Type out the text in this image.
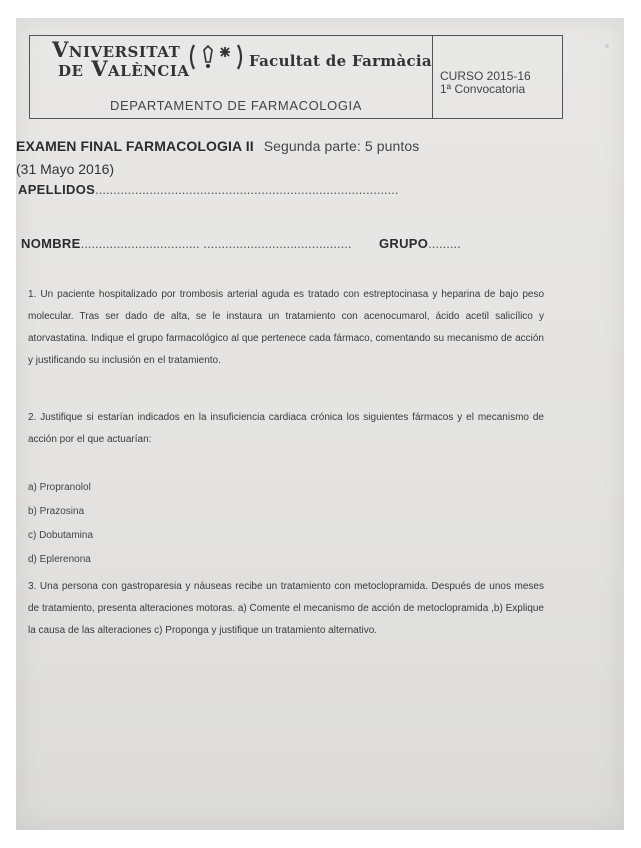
Vniversitat
de València	Facultat de Farmàcia
DEPARTAMENTO DE FARMACOLOGIA
CURSO 2015-16
1ª Convocatoria
EXAMEN FINAL FARMACOLOGIA II Segunda parte: 5 puntos
(31 Mayo 2016)
APELLIDOS....................................................................................
NOMBRE................................. ......................................... GRUPO.........

1. Un paciente hospitalizado por trombosis arterial aguda es tratado con estreptocinasa y heparina de bajo peso molecular. Tras ser dado de alta, se le instaura un tratamiento con acenocumarol, ácido acetil salicílico y atorvastatina. Indique el grupo farmacológico al que pertenece cada fármaco, comentando su mecanismo de acción y justificando su inclusión en el tratamiento.

2. Justifique si estarían indicados en la insuficiencia cardiaca crónica los siguientes fármacos y el mecanismo de acción por el que actuarían:

a) Propranolol
b) Prazosina
c) Dobutamina
d) Eplerenona

3. Una persona con gastroparesia y náuseas recibe un tratamiento con metoclopramida. Después de unos meses de tratamiento, presenta alteraciones motoras. a) Comente el mecanismo de acción de metoclopramida ,b) Explique la causa de las alteraciones c) Proponga y justifique un tratamiento alternativo.
